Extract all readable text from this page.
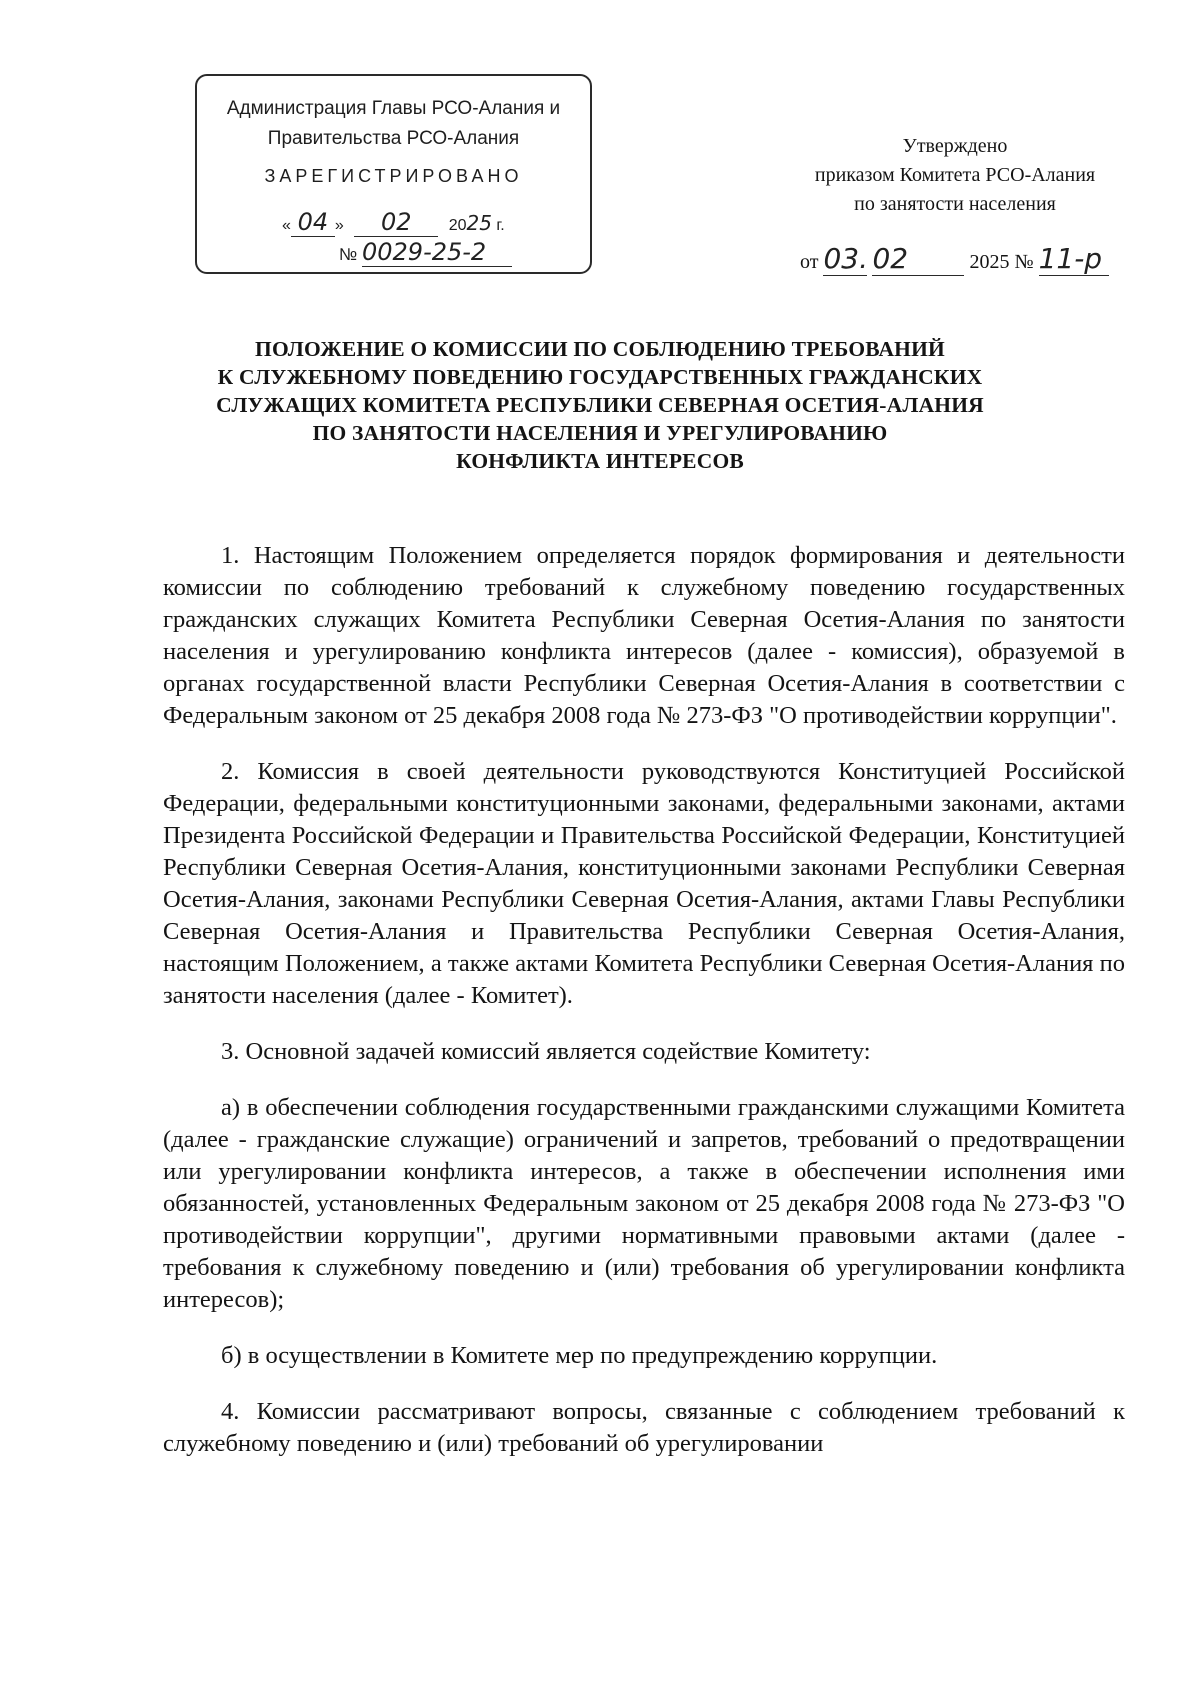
Администрация Главы РСО-Алания и
Правительства РСО-Алания
ЗАРЕГИСТРИРОВАНО
« 04 » 02 2025 г.
№ 0029-25-2
Утверждено
приказом Комитета РСО-Алания
по занятости населения
от 03. 02	2025 № 11-р
ПОЛОЖЕНИЕ О КОМИССИИ ПО СОБЛЮДЕНИЮ ТРЕБОВАНИЙ
К СЛУЖЕБНОМУ ПОВЕДЕНИЮ ГОСУДАРСТВЕННЫХ ГРАЖДАНСКИХ
СЛУЖАЩИХ КОМИТЕТА РЕСПУБЛИКИ СЕВЕРНАЯ ОСЕТИЯ-АЛАНИЯ
ПО ЗАНЯТОСТИ НАСЕЛЕНИЯ И УРЕГУЛИРОВАНИЮ
КОНФЛИКТА ИНТЕРЕСОВ

1. Настоящим Положением определяется порядок формирования и деятельности комиссии по соблюдению требований к служебному поведению государственных гражданских служащих Комитета Республики Северная Осетия-Алания по занятости населения и урегулированию конфликта интересов (далее - комиссия), образуемой в органах государственной власти Республики Северная Осетия-Алания в соответствии с Федеральным законом от 25 декабря 2008 года № 273-ФЗ "О противодействии коррупции".

2. Комиссия в своей деятельности руководствуются Конституцией Российской Федерации, федеральными конституционными законами, федеральными законами, актами Президента Российской Федерации и Правительства Российской Федерации, Конституцией Республики Северная Осетия-Алания, конституционными законами Республики Северная Осетия-Алания, законами Республики Северная Осетия-Алания, актами Главы Республики Северная Осетия-Алания и Правительства Республики Северная Осетия-Алания, настоящим Положением, а также актами Комитета Республики Северная Осетия-Алания по занятости населения (далее - Комитет).

3. Основной задачей комиссий является содействие Комитету:

а) в обеспечении соблюдения государственными гражданскими служащими Комитета (далее - гражданские служащие) ограничений и запретов, требований о предотвращении или урегулировании конфликта интересов, а также в обеспечении исполнения ими обязанностей, установленных Федеральным законом от 25 декабря 2008 года № 273-ФЗ "О противодействии коррупции", другими нормативными правовыми актами (далее - требования к служебному поведению и (или) требования об урегулировании конфликта интересов);

б) в осуществлении в Комитете мер по предупреждению коррупции.

4. Комиссии рассматривают вопросы, связанные с соблюдением требований к служебному поведению и (или) требований об урегулировании
